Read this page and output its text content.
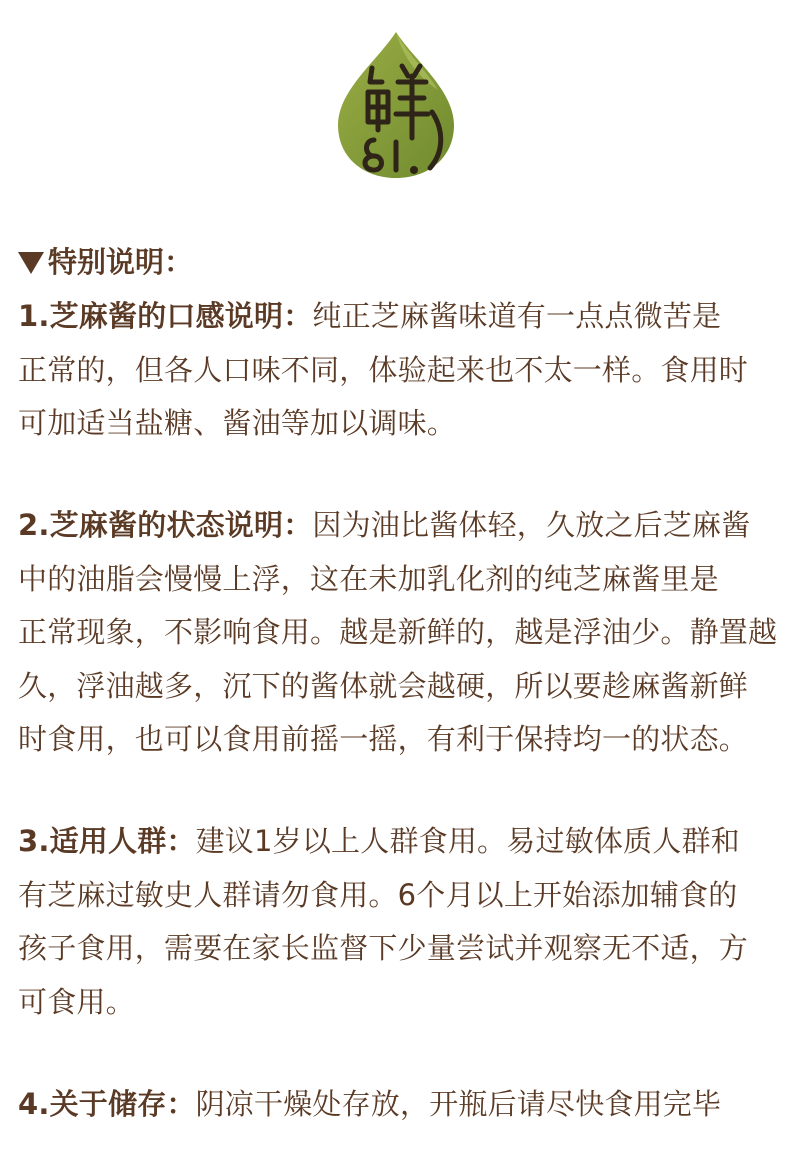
特别说明：
1.芝麻酱的口感说明：纯正芝麻酱味道有一点点微苦是
正常的，但各人口味不同，体验起来也不太一样。食用时
可加适当盐糖、酱油等加以调味。
2.芝麻酱的状态说明：因为油比酱体轻，久放之后芝麻酱
中的油脂会慢慢上浮，这在未加乳化剂的纯芝麻酱里是
正常现象，不影响食用。越是新鲜的，越是浮油少。静置越
久，浮油越多，沉下的酱体就会越硬，所以要趁麻酱新鲜
时食用，也可以食用前摇一摇，有利于保持均一的状态。
3.适用人群：建议1岁以上人群食用。易过敏体质人群和
有芝麻过敏史人群请勿食用。6个月以上开始添加辅食的
孩子食用，需要在家长监督下少量尝试并观察无不适，方
可食用。
4.关于储存：阴凉干燥处存放，开瓶后请尽快食用完毕
